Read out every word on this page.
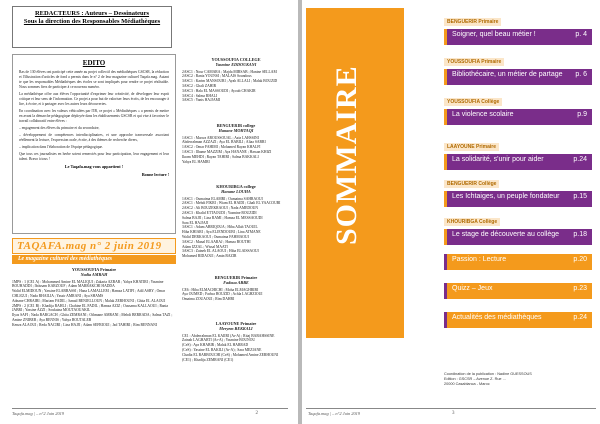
REDACTEURS : Auteurs – Dessinateurs
Sous la direction des Responsables Médiathèques
EDITO

Ras de 130 élèves ont participé cette année au projet collectif des médiathèques GSCSR, la rédaction et l'illustration d'articles de fond a permis dans le n° 2 de leur magazine culturel Taqafa.mag. Autant te que les responsables Médiathèques des écoles se sont impliqués pour rendre ce projet réalisable. Nous sommes fiers de participer à ce nouveau numéro.

La médiathèque offre aux élèves l'opportunité d'exprimer leur créativité, de développer leur esprit critique et leur sens de l'information. Ce projet a pour but de valoriser leurs écrits, de les encourager à lire, à écrire, et à partager avec les autres leurs découvertes.

En coordination avec les valeurs véhiculées par l'IB, ce projet « Médiathèques » a permis de mettre en avant la démarche pédagogique déployée dans les établissements GSCSR et qui vise à favoriser le travail collaboratif entre élèves :

– engagement des élèves du primaire et du secondaire,

– développement de compétences interdisciplinaires, et une approche transversale associant réellement la lecture, l'expression orale, écrite, à des thèmes de recherche divers,

– implication dans l'élaboration de l'équipe pédagogique.

Que tous ces journalistes en herbe soient remerciés pour leur participation, leur engagement et leur talent. Bravo à tous !

Le Taqafa.mag vous appartient !
Bonne lecture !
TAQAFA.mag n° 2 juin 2019
Le magazine culturel des médiathèques
YOUSSOUFIA Primaire
Nadia AMRAH
1MPS : 1 (CE1 A) : Mohammed Amine EL MALIQUI ; Zakaria AZBAR ; Yahya KHATIRI ; Yasmine BOUHADDI ; Ibtissam KARZOUF ; Adam MARRAKCHI HADDA
Walid ELMIDOUN ; Yassine ELABBASSI ; Hana LAMALLEM ; Hamza LATIFI ; Adil ASRY ; Omar CHLIGUI ; Nada RHAILIA ; Yassir AMRANI ; Aya SHAMS
Adnane CHRAIBI ; Mariam FADIL ; Ismail BENJELLOUN ; Malak ZERHOUNI ; Ghita EL ALAOUI
2MPS : 2 (CE1 B) : Khadija RAHLI ; Chahine EL FADIL ; Hamza AZIZ ; Oussama KALLAOUI ; Rania JABRI ; Yassine AZZI ; Soukaina MOUTAOUAKIL
Ilyas SAFI ; Nada BARGACH ; Ghita ZEMRANI ; Othmane AMRANI ; Mehdi BERRADA ; Salma TAZI ; Amine ZNIBER ; Aya BENNIS ; Yahya BOUTALEB
Kenza ALAOUI ; Reda NACIRI ; Lina HAJJI ; Adam SEFRIOUI ; Jad TAHIRI ; Rim BENNANI
YOUSSOUFIA COLLEGE
Yasmine EDDOUKANI
2ASC1 : Nour CAMARA ; Majda MIRSAB ; Hanine SELLAM
2ASC2 : Rania YOUNSI ; MALAIS Soundous
3ASC1 : Karim MANSOURI ; Ayah ALLALI ; Malak BOUZID
3ASC2 : Ghali ZAHIR
3ASC3 : Hala EL MASSOUDI ; Ayoub CHAKIR
3ASC4 : Salma RHALI
3ASC5 : Yanis HAJJAMI
BENGUERIR college
Hanane MOHTAQI
1ASC1 : Marwa ABOUSSOUAL ; Aziz LAHSSINI
Abderrahman AZZAZI ; Aya EL BABILI ; Aliaa SABRI
1ASC2 : Omar FAHIMI ; Mohamed Rayan KHALFI
1ASC3 : Ilhame MAZZIM ; Aya HANANE ; Hassan KHIZI
Ikram MEHDI ; Rayan TAHIRI ; Salma BAKKALI
Yahya EL HAMRI
KHOURIBGA college
Hanane LOUHA
1ASC1 : Oumaima ELAMRI ; Oumaima SAHRAOUI
2ASC1 : Mehdi FIKRI ; Wiam EL HAIDI ; Ghali EL YAACOUBI
2ASC2 : Ali BOUZEKRAOUI ; Nada AMEDOUN
2ASC3 : Khalid ETTAOUDI ; Yasmine BOUZIDI
Salma BAJJI ; Lina RAMI ; Hamza EL MESSAOUDI
Sara EL HAJJAJI
3ASC1 : Adam ABRIQOUA ; Hiba Allah TAOUIL
Hiba KHIARI ; Aya ELJENDOUBI ; Lina ATMANE
Walid DERKAOUI ; Oumaima FAHMAOUI
3ASC2 : Manal ELAARAJ ; Hamza BOUTHI
Adam IZZAL ; Wissal MAATI
3ASC3 : Zaineb EL ALAOUI ; Hiba ELAISSAOUI
Mohamed RIDAOUI ; Amin BAZIR
BENGUERIR Primaire
Fadoua ABBE
CE6 : Hiba ELMACHICHI ; Moha ELMAGHRIBI
Aya OUMED ; Fadwa BOUZID ; Achla LAGHZIOUI
Omaima ZOUAOUI ; Rim DAHBI
LAAYOUNE Primaire
Meryem BEKKALI
CE1 : Abderrahman EL KAIIRI (Ar-A) ; Ritaj BABAHSSINE
Zainab LAGHARTI (Ar-A) ; Yasmine BOUNOU
(CeS) : Aya KHABIR ; Malak EL HARRAD
(CeS) : Yassine EL BAKILI (Ar-A) ; Sara MEZIANE
Chadia EL BARBOUCHI (CeS) ; Mohamed Amine ZERHOUNI
(CE1) ; Khadija ZEMRANI (CE1)
Taqafa.mag | – n°2 Juin 2019	2
SOMMAIRE
BENGUERIR Primaire
Soigner, quel beau métier !	p. 4
YOUSSOUFIA Primaire
Bibliothécaire, un métier de partage p. 6
YOUSSOUFIA Collège
La violence scolaire	p.9
LAAYOUNE Primaire
La solidarité, s'unir pour aider	p.24
BENGUERIR Collège
Les Ichtaiges, un peuple fondateur p.15
KHOURIBGA Collège
Le stage de découverte au collège p.18
Passion : Lecture	p.20
Quizz – Jeux	p.23
Actualités des médiathèques	p.24
Coordination de la publication : Nadine GUESSOUS
Edition : GSCSR – Avenue Z. Rue ...
20000 Casablanca - Maroc
Taqafa.mag | – n°2 Juin 2019	3
